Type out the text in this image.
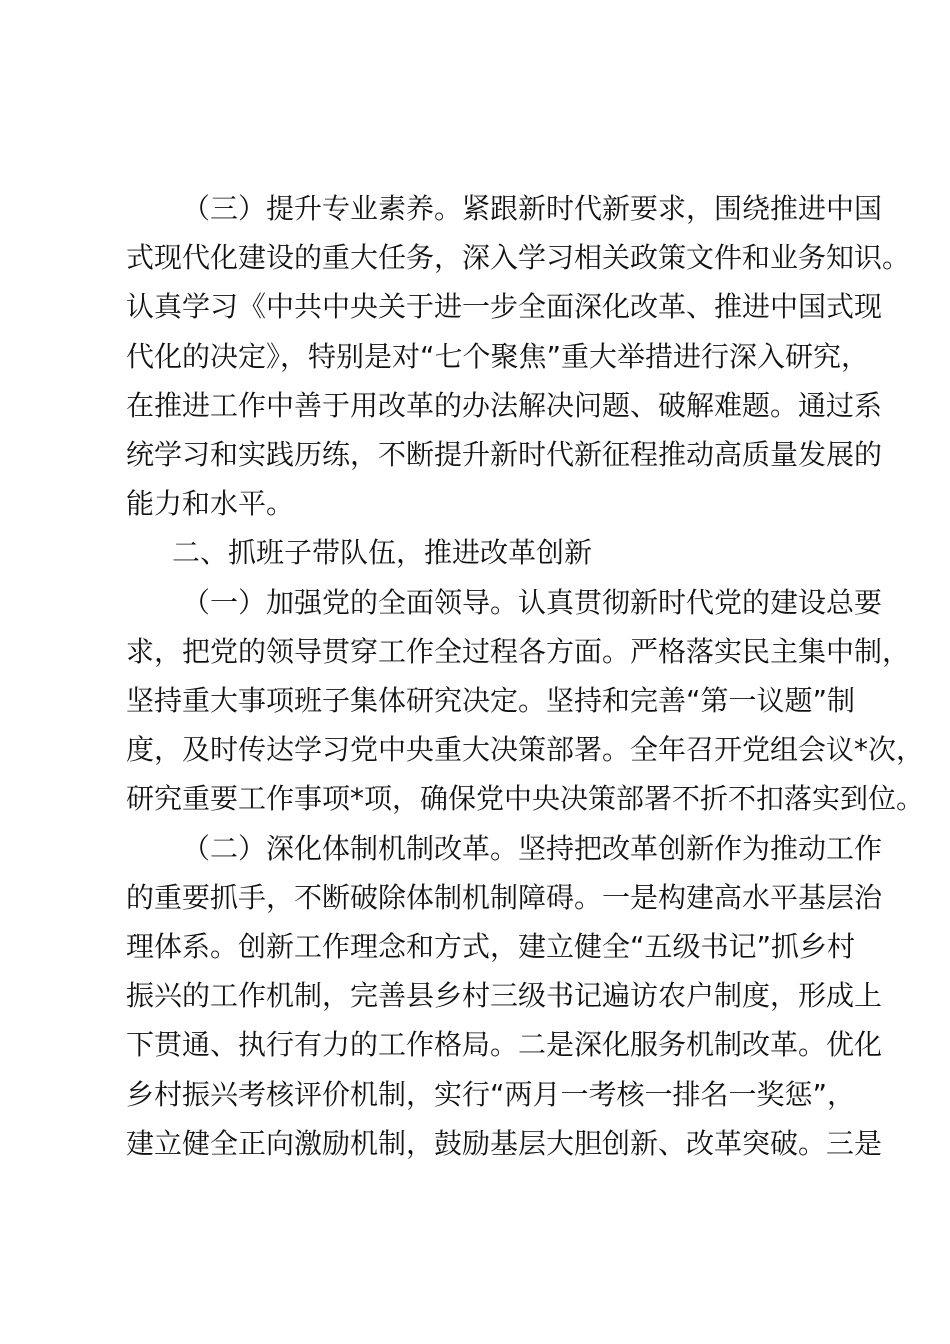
（三）提升专业素养。紧跟新时代新要求，围绕推进中国
式现代化建设的重大任务，深入学习相关政策文件和业务知识。
认真学习《中共中央关于进一步全面深化改革、推进中国式现
代化的决定》，特别是对“七个聚焦”重大举措进行深入研究，
在推进工作中善于用改革的办法解决问题、破解难题。通过系
统学习和实践历练，不断提升新时代新征程推动高质量发展的
能力和水平。

二、抓班子带队伍，推进改革创新

（一）加强党的全面领导。认真贯彻新时代党的建设总要
求，把党的领导贯穿工作全过程各方面。严格落实民主集中制，
坚持重大事项班子集体研究决定。坚持和完善“第一议题”制
度，及时传达学习党中央重大决策部署。全年召开党组会议*次，
研究重要工作事项*项，确保党中央决策部署不折不扣落实到位。

（二）深化体制机制改革。坚持把改革创新作为推动工作
的重要抓手，不断破除体制机制障碍。一是构建高水平基层治
理体系。创新工作理念和方式，建立健全“五级书记”抓乡村
振兴的工作机制，完善县乡村三级书记遍访农户制度，形成上
下贯通、执行有力的工作格局。二是深化服务机制改革。优化
乡村振兴考核评价机制，实行“两月一考核一排名一奖惩”，
建立健全正向激励机制，鼓励基层大胆创新、改革突破。三是
